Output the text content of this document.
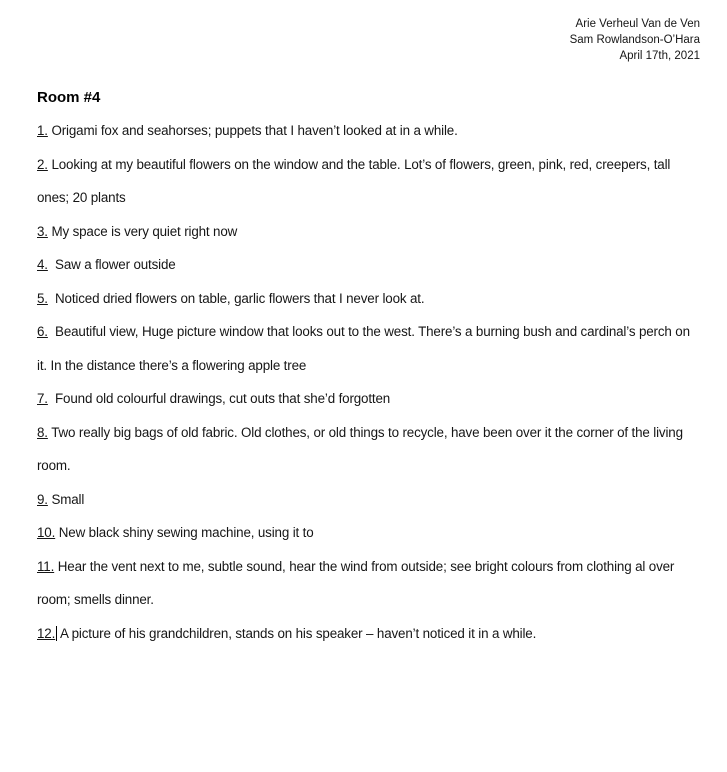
Arie Verheul Van de Ven
Sam Rowlandson-O’Hara
April 17th, 2021
Room #4

1. Origami fox and seahorses; puppets that I haven’t looked at in a while.

2. Looking at my beautiful flowers on the window and the table. Lot’s of flowers, green, pink, red, creepers, tall ones; 20 plants

3. My space is very quiet right now

4. Saw a flower outside

5. Noticed dried flowers on table, garlic flowers that I never look at.

6. Beautiful view, Huge picture window that looks out to the west. There’s a burning bush and cardinal’s perch on it. In the distance there’s a flowering apple tree

7. Found old colourful drawings, cut outs that she’d forgotten

8. Two really big bags of old fabric. Old clothes, or old things to recycle, have been over it the corner of the living room.

9. Small

10. New black shiny sewing machine, using it to

11. Hear the vent next to me, subtle sound, hear the wind from outside; see bright colours from clothing al over room; smells dinner.

12. A picture of his grandchildren, stands on his speaker – haven’t noticed it in a while.
